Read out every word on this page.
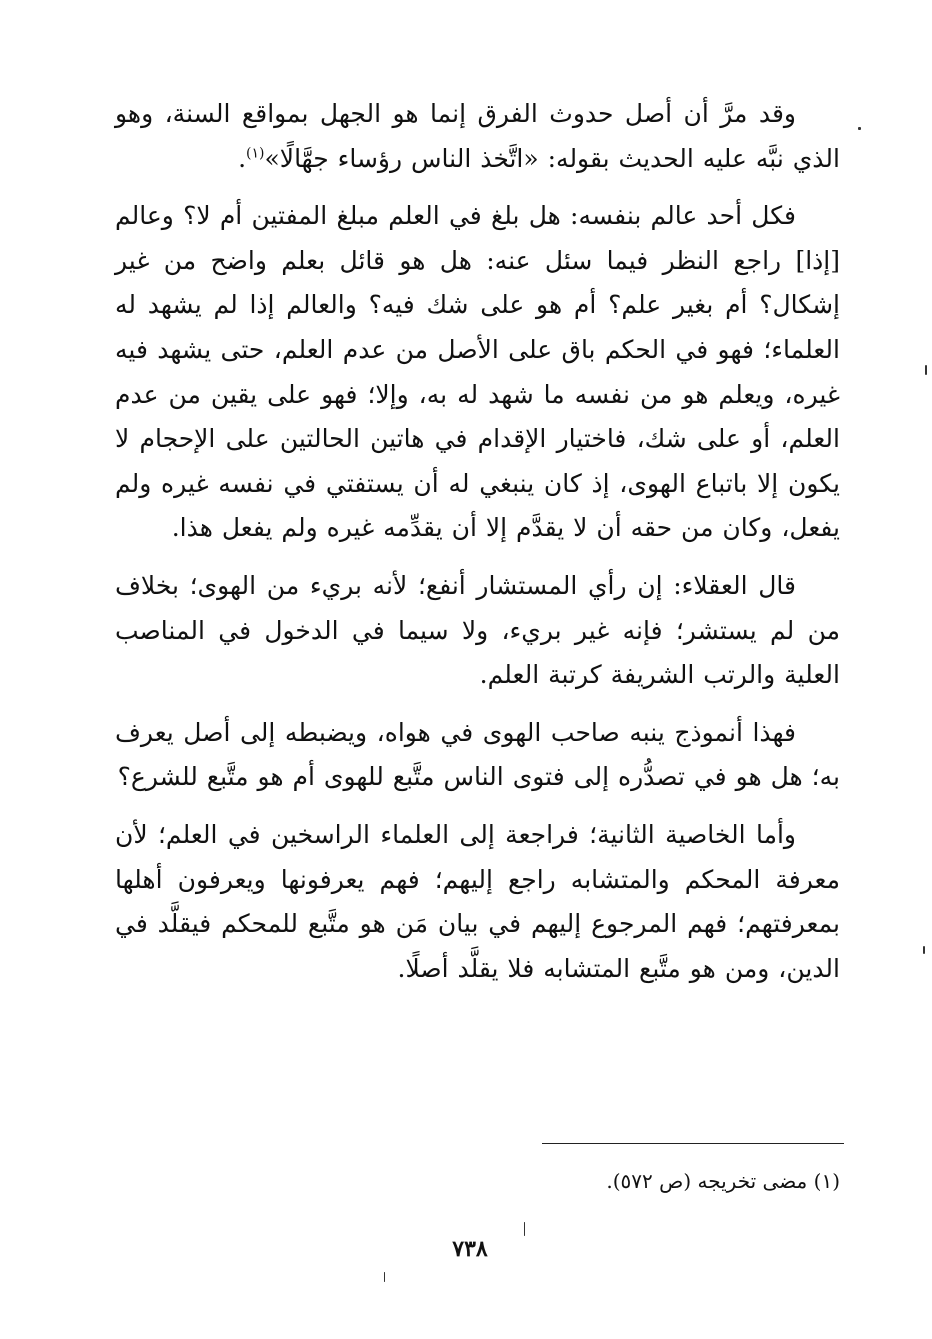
وقد مرَّ أن أصل حدوث الفرق إنما هو الجهل بمواقع السنة، وهو الذي نبَّه عليه الحديث بقوله: «اتَّخذ الناس رؤساء جهَّالًا»$^{(١)}$.

فكل أحد عالم بنفسه: هل بلغ في العلم مبلغ المفتين أم لا؟ وعالم [إذا] راجع النظر فيما سئل عنه: هل هو قائل بعلم واضح من غير إشكال؟ أم بغير علم؟ أم هو على شك فيه؟ والعالم إذا لم يشهد له العلماء؛ فهو في الحكم باق على الأصل من عدم العلم، حتى يشهد فيه غيره، ويعلم هو من نفسه ما شهد له به، وإلا؛ فهو على يقين من عدم العلم، أو على شك، فاختيار الإقدام في هاتين الحالتين على الإحجام لا يكون إلا باتباع الهوى، إذ كان ينبغي له أن يستفتي في نفسه غيره ولم يفعل، وكان من حقه أن لا يقدَّم إلا أن يقدِّمه غيره ولم يفعل هذا.

قال العقلاء: إن رأي المستشار أنفع؛ لأنه بريء من الهوى؛ بخلاف من لم يستشر؛ فإنه غير بريء، ولا سيما في الدخول في المناصب العلية والرتب الشريفة كرتبة العلم.

فهذا أنموذج ينبه صاحب الهوى في هواه، ويضبطه إلى أصل يعرف به؛ هل هو في تصدُّره إلى فتوى الناس متَّبع للهوى أم هو متَّبع للشرع؟

وأما الخاصية الثانية؛ فراجعة إلى العلماء الراسخين في العلم؛ لأن معرفة المحكم والمتشابه راجع إليهم؛ فهم يعرفونها ويعرفون أهلها بمعرفتهم؛ فهم المرجوع إليهم في بيان مَن هو متَّبع للمحكم فيقلَّد في الدين، ومن هو متَّبع المتشابه فلا يقلَّد أصلًا.

(١) مضى تخريجه (ص ٥٧٢).
٧٣٨
